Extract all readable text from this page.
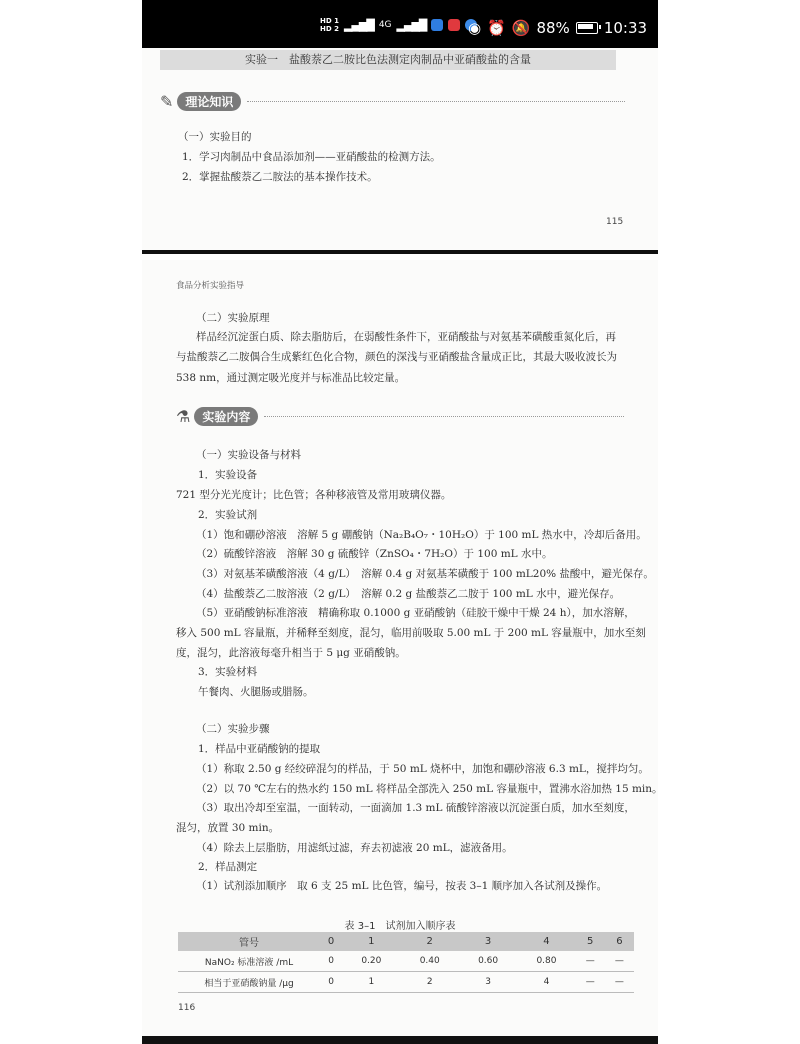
HD 1
HD 2 ▂▄▆█ 4G ▂▄▆█	◉ ⏰ 🔕 88% 10:33
实验一　盐酸萘乙二胺比色法测定肉制品中亚硝酸盐的含量
✎	理论知识
（一）实验目的
1．学习肉制品中食品添加剂——亚硝酸盐的检测方法。
2．掌握盐酸萘乙二胺法的基本操作技术。
115
食品分析实验指导
（二）实验原理
样品经沉淀蛋白质、除去脂肪后，在弱酸性条件下，亚硝酸盐与对氨基苯磺酸重氮化后，再
与盐酸萘乙二胺偶合生成紫红色化合物，颜色的深浅与亚硝酸盐含量成正比，其最大吸收波长为
538 nm，通过测定吸光度并与标准品比较定量。
⚗	实验内容
（一）实验设备与材料
1．实验设备
721 型分光光度计；比色管；各种移液管及常用玻璃仪器。
2．实验试剂
（1）饱和硼砂溶液　溶解 5 g 硼酸钠（Na₂B₄O₇・10H₂O）于 100 mL 热水中，冷却后备用。
（2）硫酸锌溶液　溶解 30 g 硫酸锌（ZnSO₄・7H₂O）于 100 mL 水中。
（3）对氨基苯磺酸溶液（4 g/L）　溶解 0.4 g 对氨基苯磺酸于 100 mL20% 盐酸中，避光保存。
（4）盐酸萘乙二胺溶液（2 g/L）　溶解 0.2 g 盐酸萘乙二胺于 100 mL 水中，避光保存。
（5）亚硝酸钠标准溶液　精确称取 0.1000 g 亚硝酸钠（硅胶干燥中干燥 24 h），加水溶解，
移入 500 mL 容量瓶，并稀释至刻度，混匀，临用前吸取 5.00 mL 于 200 mL 容量瓶中，加水至刻
度，混匀，此溶液每毫升相当于 5 μg 亚硝酸钠。
3．实验材料
午餐肉、火腿肠或腊肠。
（二）实验步骤
1．样品中亚硝酸钠的提取
（1）称取 2.50 g 经绞碎混匀的样品，于 50 mL 烧杯中，加饱和硼砂溶液 6.3 mL，搅拌均匀。
（2）以 70 ℃左右的热水约 150 mL 将样品全部洗入 250 mL 容量瓶中，置沸水浴加热 15 min。
（3）取出冷却至室温，一面转动，一面滴加 1.3 mL 硫酸锌溶液以沉淀蛋白质，加水至刻度，
混匀，放置 30 min。
（4）除去上层脂肪，用滤纸过滤，弃去初滤液 20 mL，滤液备用。
2．样品测定
（1）试剂添加顺序　取 6 支 25 mL 比色管，编号，按表 3–1 顺序加入各试剂及操作。
表 3–1　试剂加入顺序表
管号	0	1	2	3	4	5	6
NaNO₂ 标准溶液 /mL	0	0.20	0.40	0.60	0.80	—	—
相当于亚硝酸钠量 /μg	0	1	2	3	4	—	—
116
